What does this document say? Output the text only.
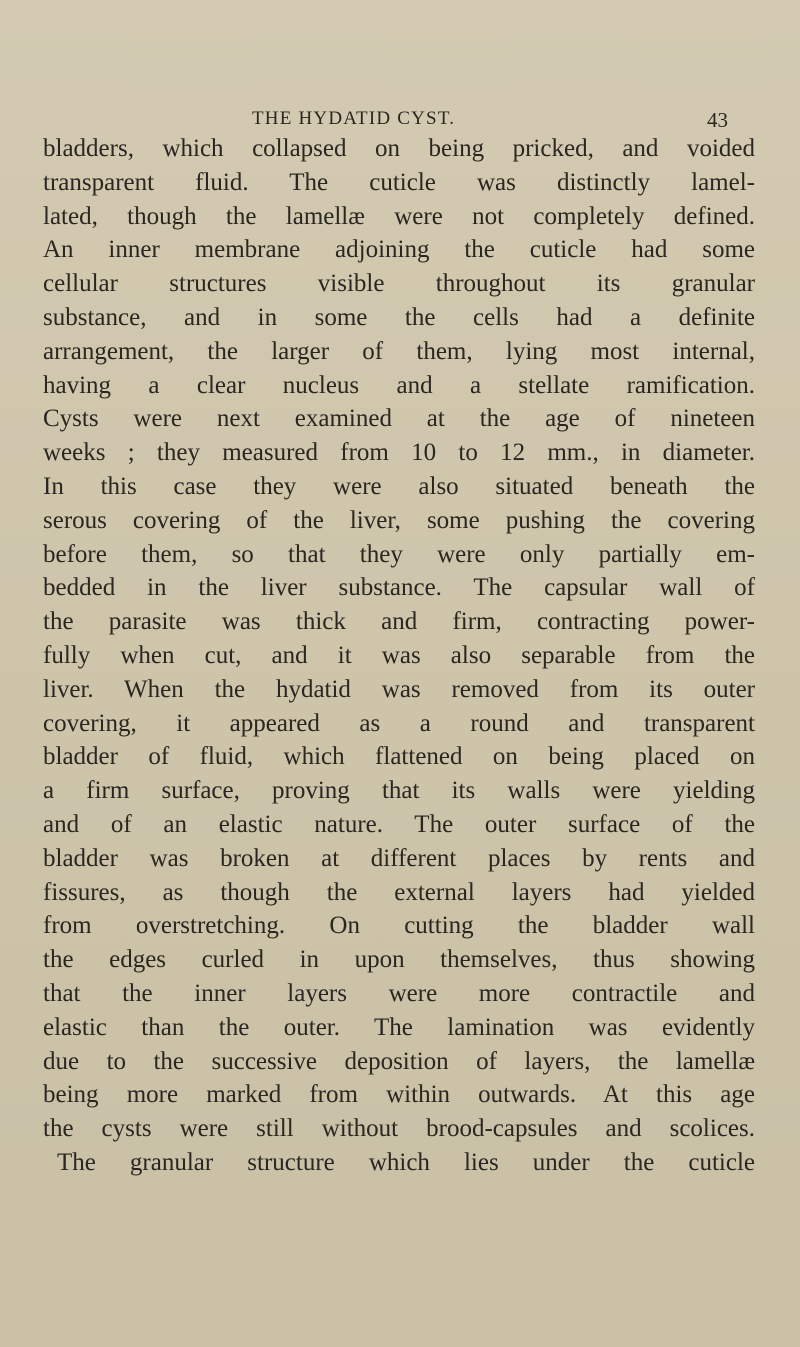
THE HYDATID CYST.	43
bladders, which collapsed on being pricked, and voided
transparent fluid. The cuticle was distinctly lamel-
lated, though the lamellæ were not completely defined.
An inner membrane adjoining the cuticle had some
cellular structures visible throughout its granular
substance, and in some the cells had a definite
arrangement, the larger of them, lying most internal,
having a clear nucleus and a stellate ramification.
Cysts were next examined at the age of nineteen
weeks ; they measured from 10 to 12 mm., in diameter.
In this case they were also situated beneath the
serous covering of the liver, some pushing the covering
before them, so that they were only partially em-
bedded in the liver substance. The capsular wall of
the parasite was thick and firm, contracting power-
fully when cut, and it was also separable from the
liver. When the hydatid was removed from its outer
covering, it appeared as a round and transparent
bladder of fluid, which flattened on being placed on
a firm surface, proving that its walls were yielding
and of an elastic nature. The outer surface of the
bladder was broken at different places by rents and
fissures, as though the external layers had yielded
from overstretching. On cutting the bladder wall
the edges curled in upon themselves, thus showing
that the inner layers were more contractile and
elastic than the outer. The lamination was evidently
due to the successive deposition of layers, the lamellæ
being more marked from within outwards. At this age
the cysts were still without brood-capsules and scolices.
The granular structure which lies under the cuticle
